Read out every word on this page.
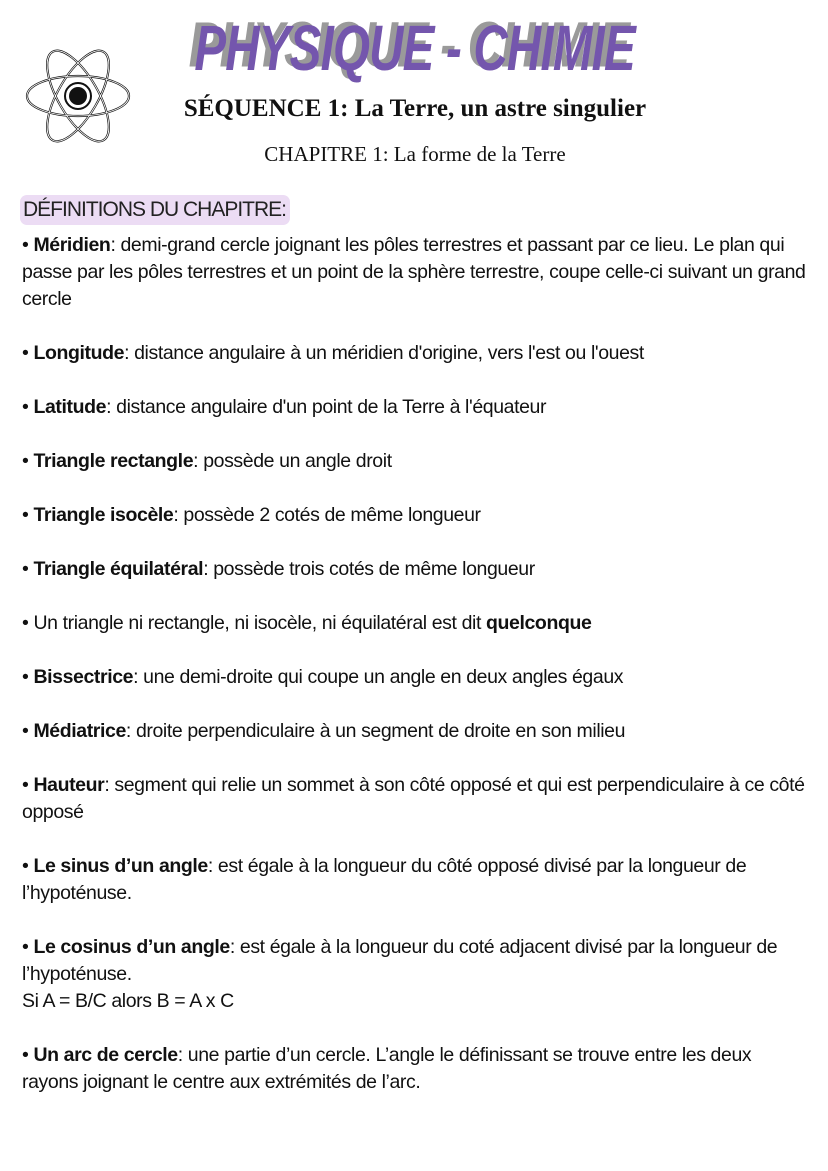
PHYSIQUE - CHIMIE
SÉQUENCE 1: La Terre, un astre singulier
CHAPITRE 1: La forme de la Terre
DÉFINITIONS DU CHAPITRE:

• Méridien: demi-grand cercle joignant les pôles terrestres et passant par ce lieu. Le plan qui passe par les pôles terrestres et un point de la sphère terrestre, coupe celle-ci suivant un grand cercle

• Longitude: distance angulaire à un méridien d'origine, vers l'est ou l'ouest

• Latitude: distance angulaire d'un point de la Terre à l'équateur

• Triangle rectangle: possède un angle droit

• Triangle isocèle: possède 2 cotés de même longueur

• Triangle équilatéral: possède trois cotés de même longueur

• Un triangle ni rectangle, ni isocèle, ni équilatéral est dit quelconque

• Bissectrice: une demi-droite qui coupe un angle en deux angles égaux

• Médiatrice: droite perpendiculaire à un segment de droite en son milieu

• Hauteur: segment qui relie un sommet à son côté opposé et qui est perpendiculaire à ce côté opposé

• Le sinus d’un angle: est égale à la longueur du côté opposé divisé par la longueur de l’hypoténuse.

• Le cosinus d’un angle: est égale à la longueur du coté adjacent divisé par la longueur de l’hypoténuse.
Si A = B/C alors B = A x C

• Un arc de cercle: une partie d’un cercle. L’angle le définissant se trouve entre les deux rayons joignant le centre aux extrémités de l’arc.
